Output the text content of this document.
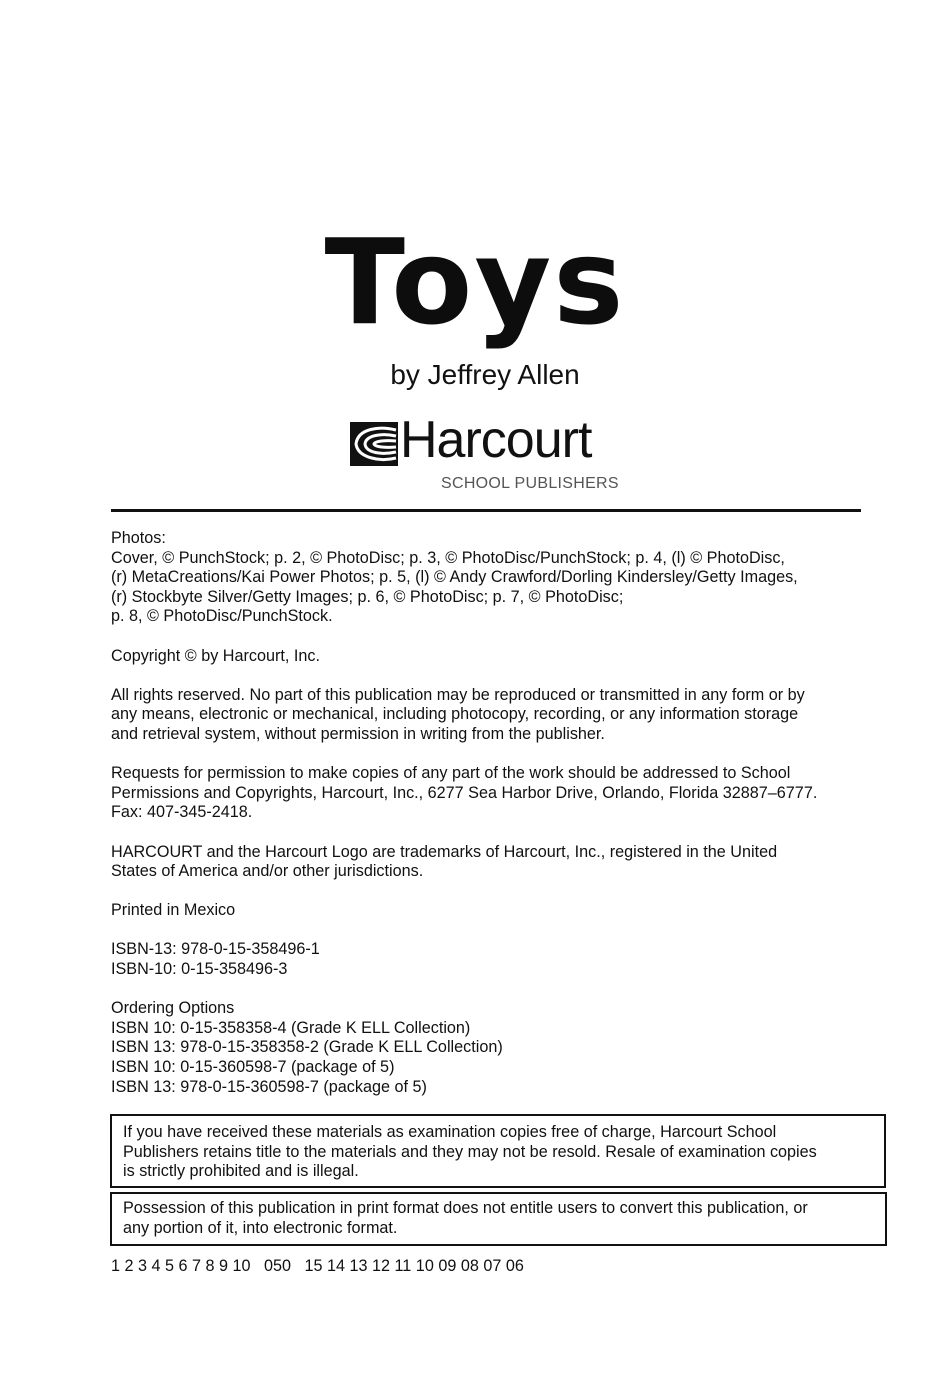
Toys
by Jeffrey Allen
Harcourt
SCHOOL PUBLISHERS

Photos:
Cover, © PunchStock; p. 2, © PhotoDisc; p. 3, © PhotoDisc/PunchStock; p. 4, (l) © PhotoDisc,
(r) MetaCreations/Kai Power Photos; p. 5, (l) © Andy Crawford/Dorling Kindersley/Getty Images,
(r) Stockbyte Silver/Getty Images; p. 6, © PhotoDisc; p. 7, © PhotoDisc;
p. 8, © PhotoDisc/PunchStock.

Copyright © by Harcourt, Inc.

All rights reserved. No part of this publication may be reproduced or transmitted in any form or by
any means, electronic or mechanical, including photocopy, recording, or any information storage
and retrieval system, without permission in writing from the publisher.

Requests for permission to make copies of any part of the work should be addressed to School
Permissions and Copyrights, Harcourt, Inc., 6277 Sea Harbor Drive, Orlando, Florida 32887–6777.
Fax: 407-345-2418.

HARCOURT and the Harcourt Logo are trademarks of Harcourt, Inc., registered in the United
States of America and/or other jurisdictions.

Printed in Mexico

ISBN-13: 978-0-15-358496-1
ISBN-10: 0-15-358496-3

Ordering Options
ISBN 10: 0-15-358358-4 (Grade K ELL Collection)
ISBN 13: 978-0-15-358358-2 (Grade K ELL Collection)
ISBN 10: 0-15-360598-7 (package of 5)
ISBN 13: 978-0-15-360598-7 (package of 5)

If you have received these materials as examination copies free of charge, Harcourt School
Publishers retains title to the materials and they may not be resold. Resale of examination copies
is strictly prohibited and is illegal.
Possession of this publication in print format does not entitle users to convert this publication, or
any portion of it, into electronic format.
1 2 3 4 5 6 7 8 9 10   050   15 14 13 12 11 10 09 08 07 06
